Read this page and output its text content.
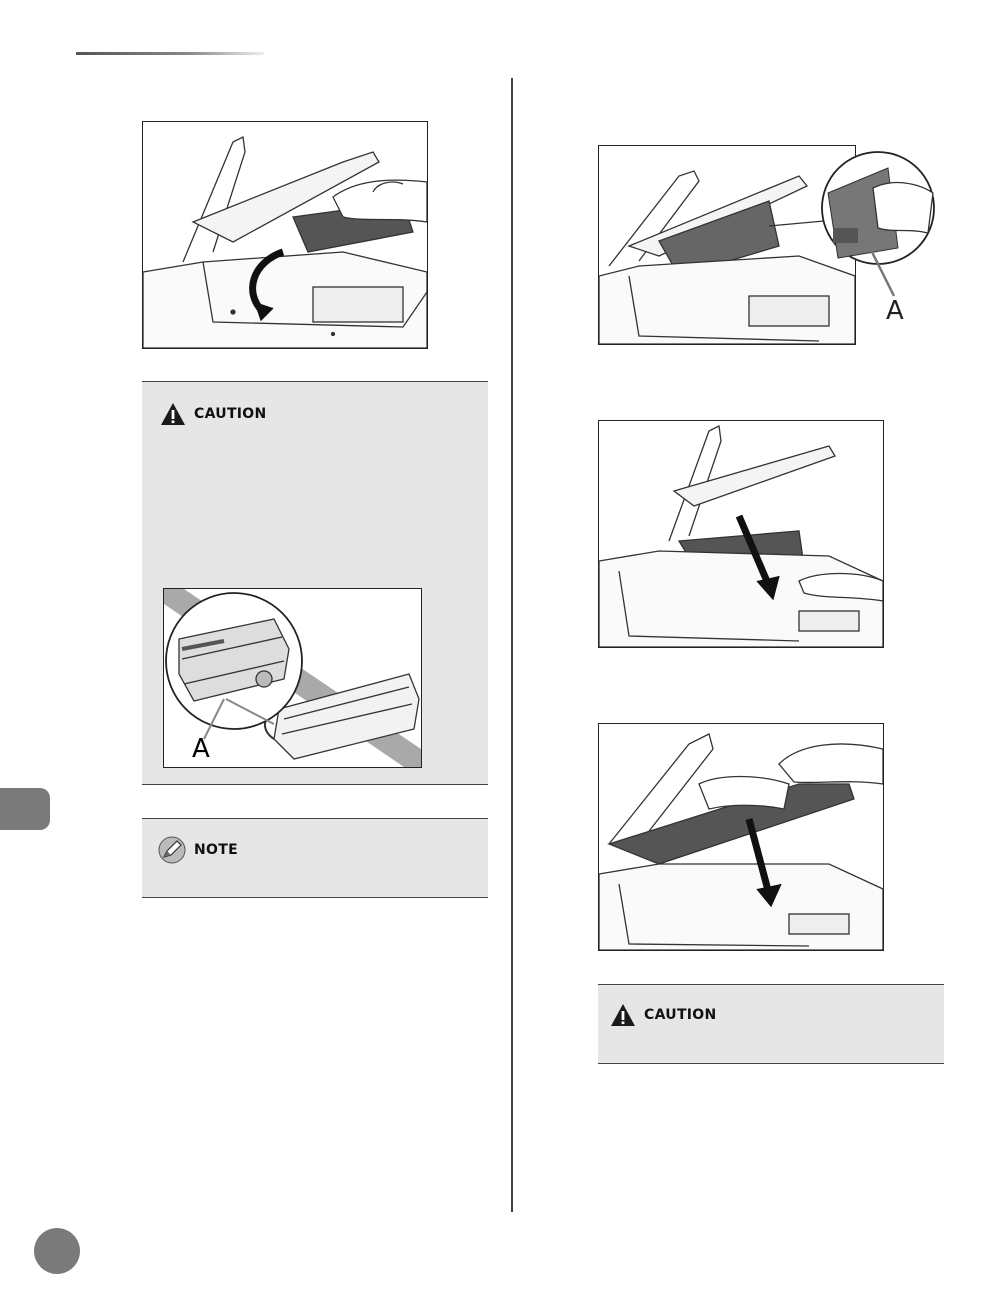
CAUTION
A
NOTE
A
CAUTION
